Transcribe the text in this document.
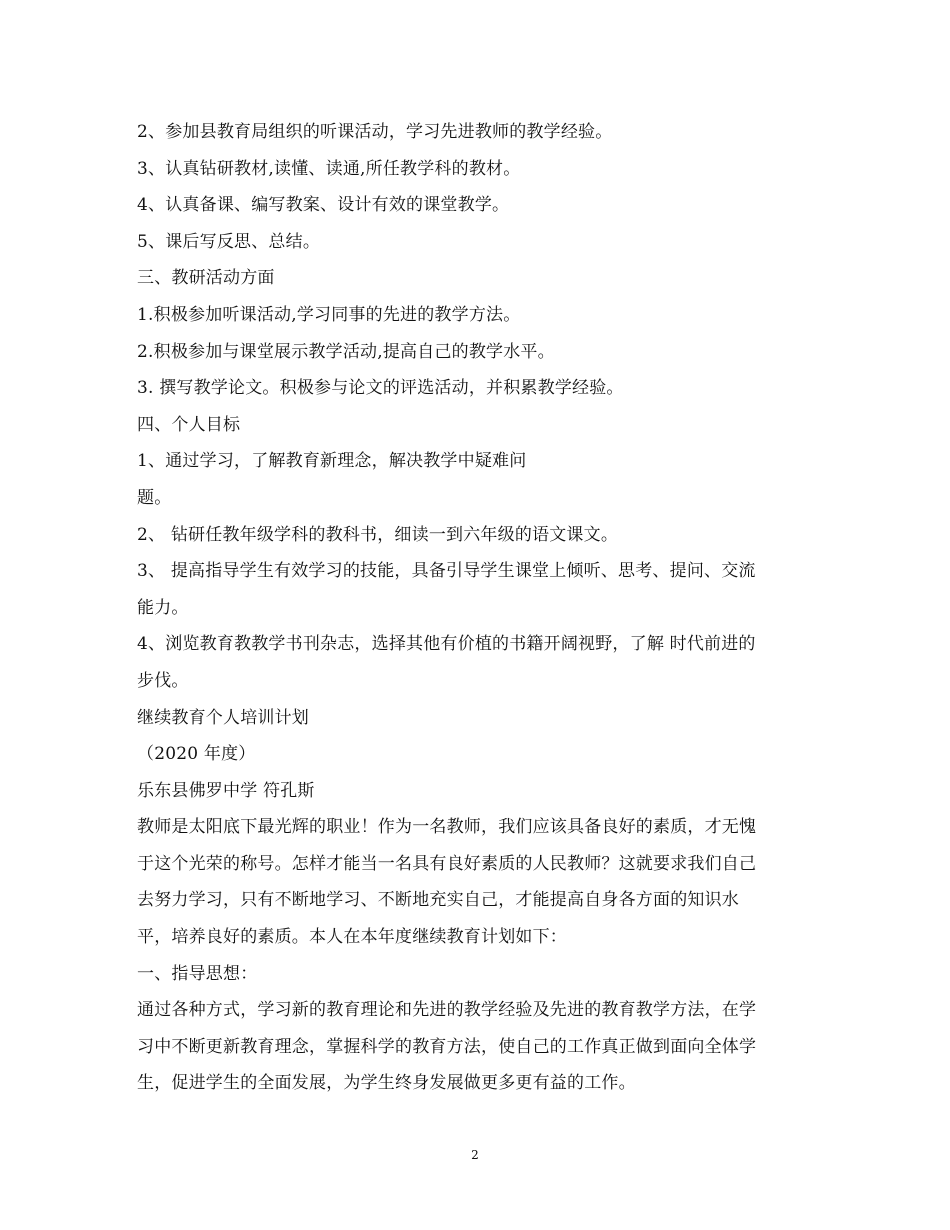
2、参加县教育局组织的听课活动，学习先进教师的教学经验。
3、认真钻研教材,读懂、读通,所任教学科的教材。
4、认真备课、编写教案、设计有效的课堂教学。
5、课后写反思、总结。
三、教研活动方面
1.积极参加听课活动,学习同事的先进的教学方法。
2.积极参加与课堂展示教学活动,提高自己的教学水平。
3. 撰写教学论文。积极参与论文的评选活动，并积累教学经验。
四、个人目标
1、通过学习，了解教育新理念，解决教学中疑难问
题。
2、 钻研任教年级学科的教科书，细读一到六年级的语文课文。
3、 提高指导学生有效学习的技能，具备引导学生课堂上倾听、思考、提问、交流
能力。
4、浏览教育教教学书刊杂志，选择其他有价植的书籍开阔视野，了解 时代前进的
步伐。
继续教育个人培训计划
（2020 年度）
乐东县佛罗中学 符孔斯
教师是太阳底下最光辉的职业！作为一名教师，我们应该具备良好的素质，才无愧
于这个光荣的称号。怎样才能当一名具有良好素质的人民教师？这就要求我们自己
去努力学习，只有不断地学习、不断地充实自己，才能提高自身各方面的知识水
平，培养良好的素质。本人在本年度继续教育计划如下：
一、指导思想：
通过各种方式，学习新的教育理论和先进的教学经验及先进的教育教学方法，在学
习中不断更新教育理念，掌握科学的教育方法，使自己的工作真正做到面向全体学
生，促进学生的全面发展，为学生终身发展做更多更有益的工作。
2
